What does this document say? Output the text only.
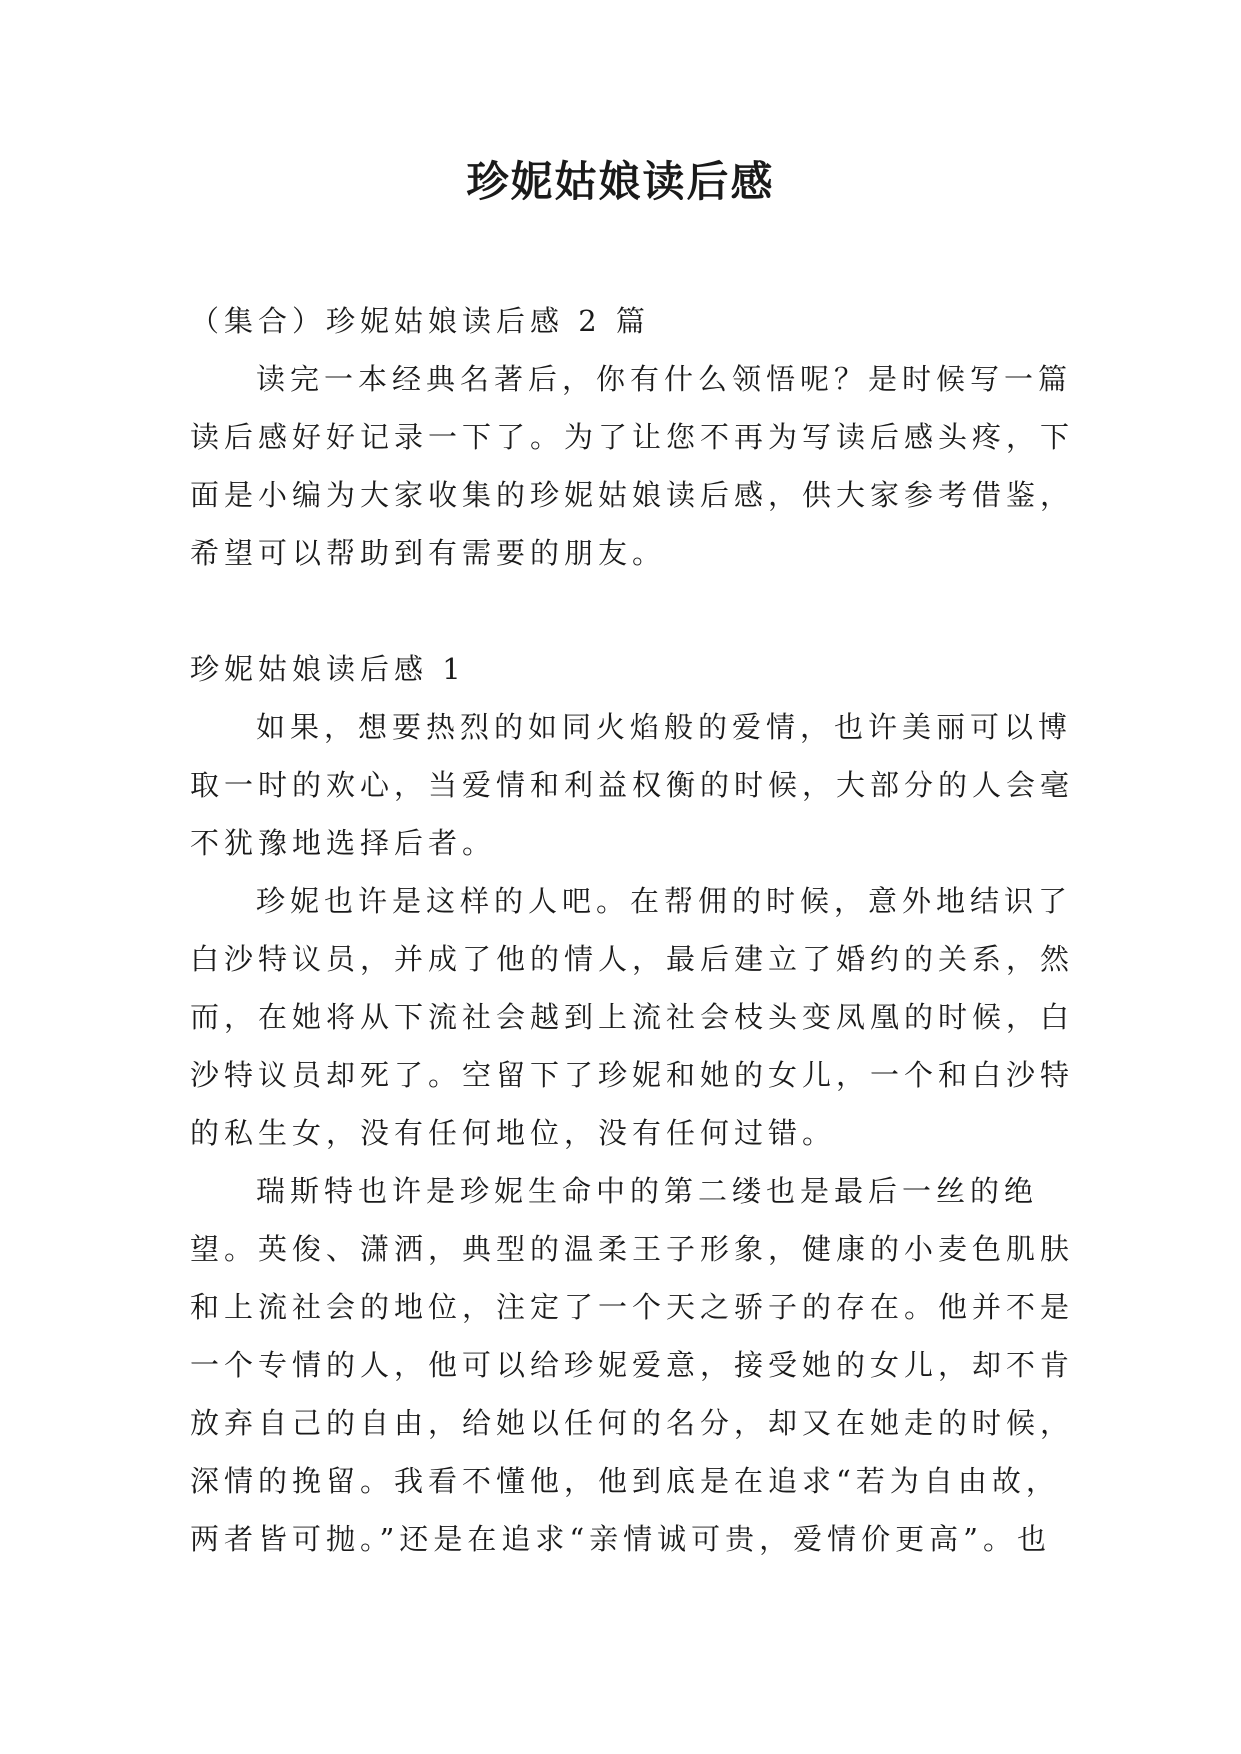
珍妮姑娘读后感
（集合）珍妮姑娘读后感 2 篇
读完一本经典名著后，你有什么领悟呢？是时候写一篇
读后感好好记录一下了。为了让您不再为写读后感头疼，下
面是小编为大家收集的珍妮姑娘读后感，供大家参考借鉴，
希望可以帮助到有需要的朋友。
珍妮姑娘读后感 1
如果，想要热烈的如同火焰般的爱情，也许美丽可以博
取一时的欢心，当爱情和利益权衡的时候，大部分的人会毫
不犹豫地选择后者。
珍妮也许是这样的人吧。在帮佣的时候，意外地结识了
白沙特议员，并成了他的情人，最后建立了婚约的关系，然
而，在她将从下流社会越到上流社会枝头变凤凰的时候，白
沙特议员却死了。空留下了珍妮和她的女儿，一个和白沙特
的私生女，没有任何地位，没有任何过错。
瑞斯特也许是珍妮生命中的第二缕也是最后一丝的绝
望。英俊、潇洒，典型的温柔王子形象，健康的小麦色肌肤
和上流社会的地位，注定了一个天之骄子的存在。他并不是
一个专情的人，他可以给珍妮爱意，接受她的女儿，却不肯
放弃自己的自由，给她以任何的名分，却又在她走的时候，
深情的挽留。我看不懂他，他到底是在追求“若为自由故，
两者皆可抛。”还是在追求“亲情诚可贵，爱情价更高”。也
